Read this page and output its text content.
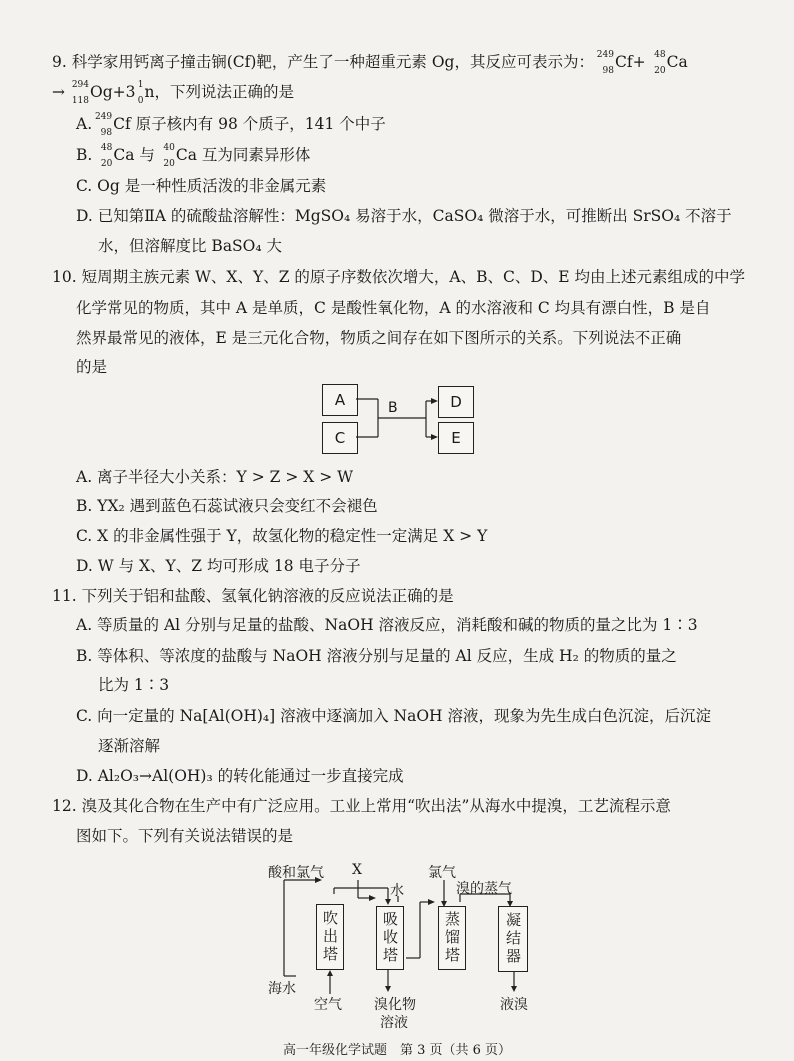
9. 科学家用钙离子撞击锎(Cf)靶，产生了一种超重元素 Og，其反应可表示为： 249
98 Cf+ 48
20 Ca
→ 294
118 Og+3 1
0 n，下列说法正确的是
A. 249
98 Cf 原子核内有 98 个质子，141 个中子
B. 48
20 Ca 与 40
20 Ca 互为同素异形体
C. Og 是一种性质活泼的非金属元素
D. 已知第ⅡA 的硫酸盐溶解性：MgSO₄ 易溶于水，CaSO₄ 微溶于水，可推断出 SrSO₄ 不溶于
水，但溶解度比 BaSO₄ 大
10. 短周期主族元素 W、X、Y、Z 的原子序数依次增大，A、B、C、D、E 均由上述元素组成的中学
化学常见的物质，其中 A 是单质，C 是酸性氧化物，A 的水溶液和 C 均具有漂白性，B 是自
然界最常见的液体，E 是三元化合物，物质之间存在如下图所示的关系。下列说法不正确
的是
A
C
D
E
B
A. 离子半径大小关系：Y > Z > X > W
B. YX₂ 遇到蓝色石蕊试液只会变红不会褪色
C. X 的非金属性强于 Y，故氢化物的稳定性一定满足 X > Y
D. W 与 X、Y、Z 均可形成 18 电子分子
11. 下列关于铝和盐酸、氢氧化钠溶液的反应说法正确的是
A. 等质量的 Al 分别与足量的盐酸、NaOH 溶液反应，消耗酸和碱的物质的量之比为 1∶3
B. 等体积、等浓度的盐酸与 NaOH 溶液分别与足量的 Al 反应，生成 H₂ 的物质的量之
比为 1∶3
C. 向一定量的 Na[Al(OH)₄] 溶液中逐滴加入 NaOH 溶液，现象为先生成白色沉淀，后沉淀
逐渐溶解
D. Al₂O₃→Al(OH)₃ 的转化能通过一步直接完成
12. 溴及其化合物在生产中有广泛应用。工业上常用“吹出法”从海水中提溴，工艺流程示意
图如下。下列有关说法错误的是
酸和氯气 X	氯气
水	溴的蒸气
吹出塔	吸收塔	蒸馏塔	凝结器
海水
空气 溴化物
溶液
液溴
高一年级化学试题　第 3 页（共 6 页）
